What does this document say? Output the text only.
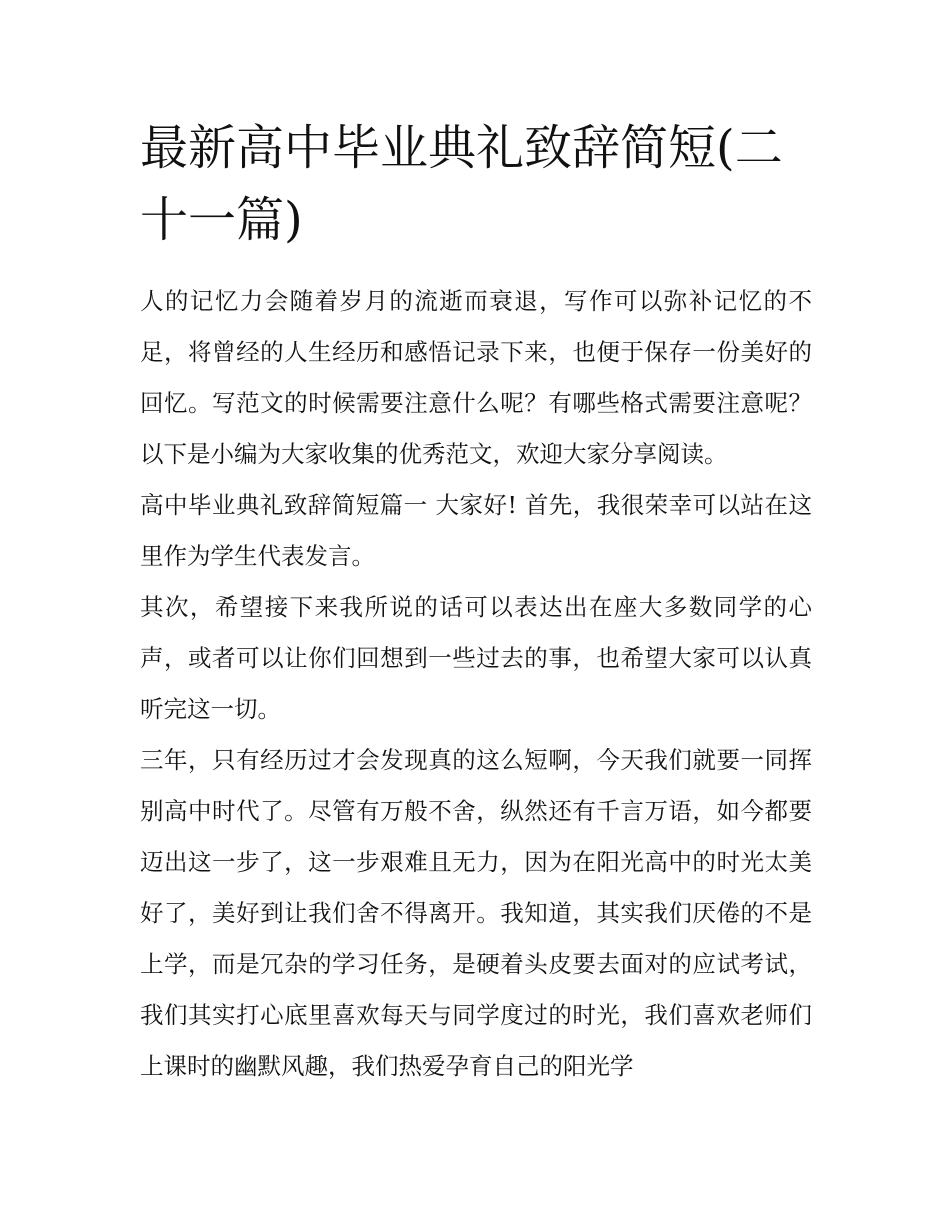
最新高中毕业典礼致辞简短(二十一篇)

人的记忆力会随着岁月的流逝而衰退，写作可以弥补记忆的不足，将曾经的人生经历和感悟记录下来，也便于保存一份美好的回忆。写范文的时候需要注意什么呢？有哪些格式需要注意呢？以下是小编为大家收集的优秀范文，欢迎大家分享阅读。

高中毕业典礼致辞简短篇一 大家好! 首先，我很荣幸可以站在这里作为学生代表发言。

其次，希望接下来我所说的话可以表达出在座大多数同学的心声，或者可以让你们回想到一些过去的事，也希望大家可以认真听完这一切。

三年，只有经历过才会发现真的这么短啊，今天我们就要一同挥别高中时代了。尽管有万般不舍，纵然还有千言万语，如今都要迈出这一步了，这一步艰难且无力，因为在阳光高中的时光太美好了，美好到让我们舍不得离开。我知道，其实我们厌倦的不是上学，而是冗杂的学习任务，是硬着头皮要去面对的应试考试，我们其实打心底里喜欢每天与同学度过的时光，我们喜欢老师们上课时的幽默风趣，我们热爱孕育自己的阳光学
